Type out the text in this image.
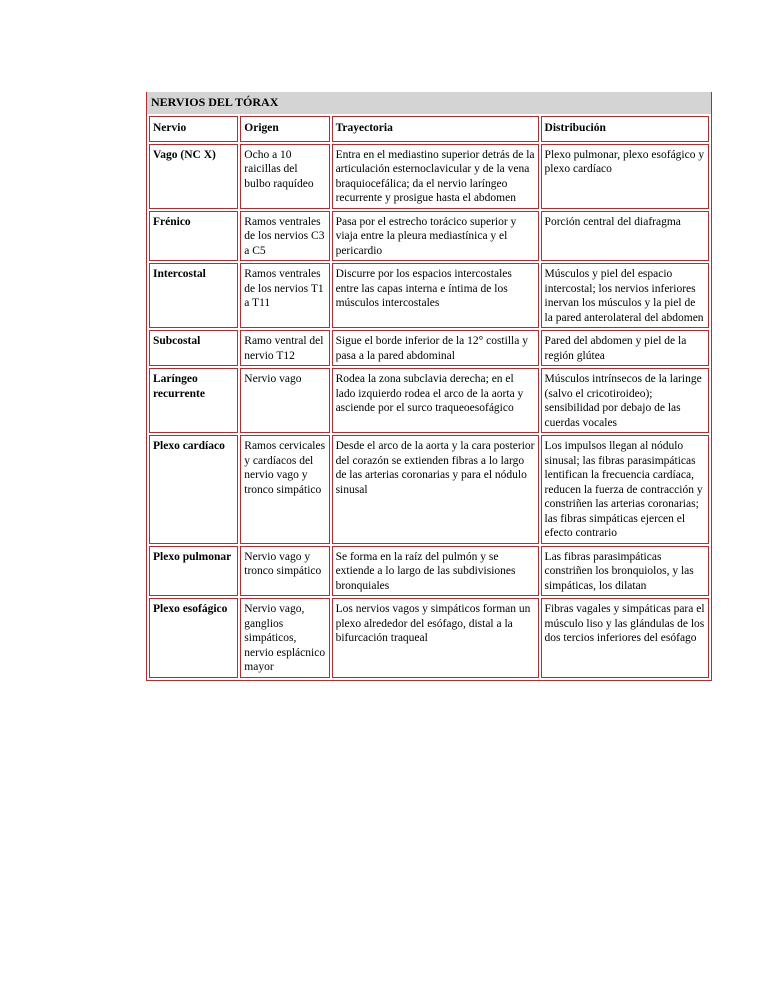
NERVIOS DEL TÓRAX
Nervio	Origen	Trayectoria	Distribución
Vago (NC X)	Ocho a 10 raicillas del bulbo raquídeo	Entra en el mediastino superior detrás de la articulación esternoclavicular y de la vena braquiocefálica; da el nervio laríngeo recurrente y prosigue hasta el abdomen	Plexo pulmonar, plexo esofágico y plexo cardíaco
Frénico	Ramos ventrales de los nervios C3 a C5	Pasa por el estrecho torácico superior y viaja entre la pleura mediastínica y el pericardio	Porción central del diafragma
Intercostal	Ramos ventrales de los nervios T1 a T11	Discurre por los espacios intercostales entre las capas interna e íntima de los músculos intercostales	Músculos y piel del espacio intercostal; los nervios inferiores inervan los músculos y la piel de la pared anterolateral del abdomen
Subcostal	Ramo ventral del nervio T12	Sigue el borde inferior de la 12° costilla y pasa a la pared abdominal	Pared del abdomen y piel de la región glútea
Laríngeo recurrente	Nervio vago	Rodea la zona subclavia derecha; en el lado izquierdo rodea el arco de la aorta y asciende por el surco traqueoesofágico	Músculos intrínsecos de la laringe (salvo el cricotiroideo); sensibilidad por debajo de las cuerdas vocales
Plexo cardíaco	Ramos cervicales y cardíacos del nervio vago y tronco simpático	Desde el arco de la aorta y la cara posterior del corazón se extienden fibras a lo largo de las arterias coronarias y para el nódulo sinusal	Los impulsos llegan al nódulo sinusal; las fibras parasimpáticas lentifican la frecuencia cardíaca, reducen la fuerza de contracción y constriñen las arterias coronarias; las fibras simpáticas ejercen el efecto contrario
Plexo pulmonar	Nervio vago y tronco simpático	Se forma en la raíz del pulmón y se extiende a lo largo de las subdivisiones bronquiales	Las fibras parasimpáticas constriñen los bronquiolos, y las simpáticas, los dilatan
Plexo esofágico	Nervio vago, ganglios simpáticos, nervio esplácnico mayor	Los nervios vagos y simpáticos forman un plexo alrededor del esófago, distal a la bifurcación traqueal	Fibras vagales y simpáticas para el músculo liso y las glándulas de los dos tercios inferiores del esófago
